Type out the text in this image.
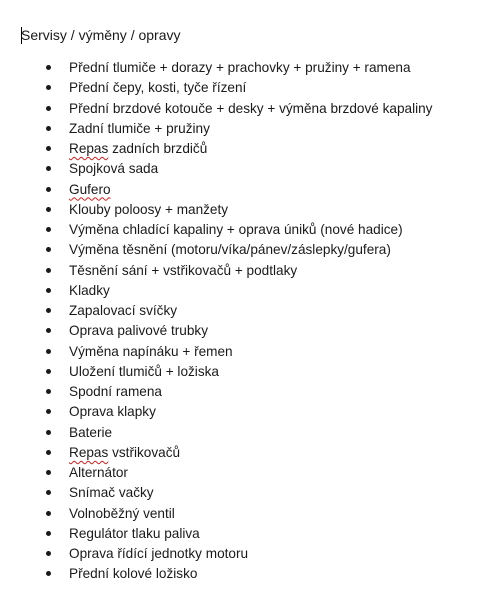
Servisy / výměny / opravy
Přední tlumiče + dorazy + prachovky + pružiny + ramena
Přední čepy, kosti, tyče řízení
Přední brzdové kotouče + desky + výměna brzdové kapaliny
Zadní tlumiče + pružiny
Repas zadních brzdičů
Spojková sada
Gufero
Klouby poloosy + manžety
Výměna chladící kapaliny + oprava úniků (nové hadice)
Výměna těsnění (motoru/víka/pánev/záslepky/gufera)
Těsnění sání + vstřikovačů + podtlaky
Kladky
Zapalovací svíčky
Oprava palivové trubky
Výměna napínáku + řemen
Uložení tlumičů + ložiska
Spodní ramena
Oprava klapky
Baterie
Repas vstřikovačů
Alternátor
Snímač vačky
Volnoběžný ventil
Regulátor tlaku paliva
Oprava řídící jednotky motoru
Přední kolové ložisko
